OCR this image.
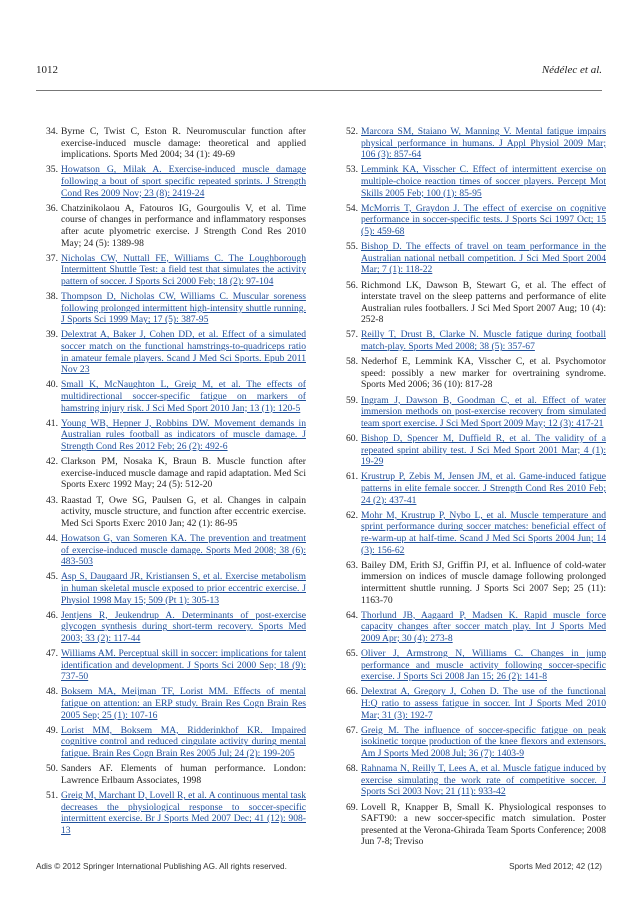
1012	Nédélec et al.
34. Byrne C, Twist C, Eston R. Neuromuscular function after exercise-induced muscle damage: theoretical and applied implications. Sports Med 2004; 34 (1): 49-69
35. Howatson G, Milak A. Exercise-induced muscle damage following a bout of sport specific repeated sprints. J Strength Cond Res 2009 Nov; 23 (8): 2419-24
36. Chatzinikolaou A, Fatouros IG, Gourgoulis V, et al. Time course of changes in performance and inflammatory responses after acute plyometric exercise. J Strength Cond Res 2010 May; 24 (5): 1389-98
37. Nicholas CW, Nuttall FE, Williams C. The Loughborough Intermittent Shuttle Test: a field test that simulates the activity pattern of soccer. J Sports Sci 2000 Feb; 18 (2): 97-104
38. Thompson D, Nicholas CW, Williams C. Muscular soreness following prolonged intermittent high-intensity shuttle running. J Sports Sci 1999 May; 17 (5): 387-95
39. Delextrat A, Baker J, Cohen DD, et al. Effect of a simulated soccer match on the functional hamstrings-to-quadriceps ratio in amateur female players. Scand J Med Sci Sports. Epub 2011 Nov 23
40. Small K, McNaughton L, Greig M, et al. The effects of multidirectional soccer-specific fatigue on markers of hamstring injury risk. J Sci Med Sport 2010 Jan; 13 (1): 120-5
41. Young WB, Hepner J, Robbins DW. Movement demands in Australian rules football as indicators of muscle damage. J Strength Cond Res 2012 Feb; 26 (2): 492-6
42. Clarkson PM, Nosaka K, Braun B. Muscle function after exercise-induced muscle damage and rapid adaptation. Med Sci Sports Exerc 1992 May; 24 (5): 512-20
43. Raastad T, Owe SG, Paulsen G, et al. Changes in calpain activity, muscle structure, and function after eccentric exercise. Med Sci Sports Exerc 2010 Jan; 42 (1): 86-95
44. Howatson G, van Someren KA. The prevention and treatment of exercise-induced muscle damage. Sports Med 2008; 38 (6): 483-503
45. Asp S, Daugaard JR, Kristiansen S, et al. Exercise metabolism in human skeletal muscle exposed to prior eccentric exercise. J Physiol 1998 May 15; 509 (Pt 1): 305-13
46. Jentjens R, Jeukendrup A. Determinants of post-exercise glycogen synthesis during short-term recovery. Sports Med 2003; 33 (2): 117-44
47. Williams AM. Perceptual skill in soccer: implications for talent identification and development. J Sports Sci 2000 Sep; 18 (9): 737-50
48. Boksem MA, Meijman TF, Lorist MM. Effects of mental fatigue on attention: an ERP study. Brain Res Cogn Brain Res 2005 Sep; 25 (1): 107-16
49. Lorist MM, Boksem MA, Ridderinkhof KR. Impaired cognitive control and reduced cingulate activity during mental fatigue. Brain Res Cogn Brain Res 2005 Jul; 24 (2): 199-205
50. Sanders AF. Elements of human performance. London: Lawrence Erlbaum Associates, 1998
51. Greig M, Marchant D, Lovell R, et al. A continuous mental task decreases the physiological response to soccer-specific intermittent exercise. Br J Sports Med 2007 Dec; 41 (12): 908-13
52. Marcora SM, Staiano W, Manning V. Mental fatigue impairs physical performance in humans. J Appl Physiol 2009 Mar; 106 (3): 857-64
53. Lemmink KA, Visscher C. Effect of intermittent exercise on multiple-choice reaction times of soccer players. Percept Mot Skills 2005 Feb; 100 (1): 85-95
54. McMorris T, Graydon J. The effect of exercise on cognitive performance in soccer-specific tests. J Sports Sci 1997 Oct; 15 (5): 459-68
55. Bishop D. The effects of travel on team performance in the Australian national netball competition. J Sci Med Sport 2004 Mar; 7 (1): 118-22
56. Richmond LK, Dawson B, Stewart G, et al. The effect of interstate travel on the sleep patterns and performance of elite Australian rules footballers. J Sci Med Sport 2007 Aug; 10 (4): 252-8
57. Reilly T, Drust B, Clarke N. Muscle fatigue during football match-play. Sports Med 2008; 38 (5): 357-67
58. Nederhof E, Lemmink KA, Visscher C, et al. Psychomotor speed: possibly a new marker for overtraining syndrome. Sports Med 2006; 36 (10): 817-28
59. Ingram J, Dawson B, Goodman C, et al. Effect of water immersion methods on post-exercise recovery from simulated team sport exercise. J Sci Med Sport 2009 May; 12 (3): 417-21
60. Bishop D, Spencer M, Duffield R, et al. The validity of a repeated sprint ability test. J Sci Med Sport 2001 Mar; 4 (1): 19-29
61. Krustrup P, Zebis M, Jensen JM, et al. Game-induced fatigue patterns in elite female soccer. J Strength Cond Res 2010 Feb; 24 (2): 437-41
62. Mohr M, Krustrup P, Nybo L, et al. Muscle temperature and sprint performance during soccer matches: beneficial effect of re-warm-up at half-time. Scand J Med Sci Sports 2004 Jun; 14 (3): 156-62
63. Bailey DM, Erith SJ, Griffin PJ, et al. Influence of cold-water immersion on indices of muscle damage following prolonged intermittent shuttle running. J Sports Sci 2007 Sep; 25 (11): 1163-70
64. Thorlund JB, Aagaard P, Madsen K. Rapid muscle force capacity changes after soccer match play. Int J Sports Med 2009 Apr; 30 (4): 273-8
65. Oliver J, Armstrong N, Williams C. Changes in jump performance and muscle activity following soccer-specific exercise. J Sports Sci 2008 Jan 15; 26 (2): 141-8
66. Delextrat A, Gregory J, Cohen D. The use of the functional H:Q ratio to assess fatigue in soccer. Int J Sports Med 2010 Mar; 31 (3): 192-7
67. Greig M. The influence of soccer-specific fatigue on peak isokinetic torque production of the knee flexors and extensors. Am J Sports Med 2008 Jul; 36 (7): 1403-9
68. Rahnama N, Reilly T, Lees A, et al. Muscle fatigue induced by exercise simulating the work rate of competitive soccer. J Sports Sci 2003 Nov; 21 (11): 933-42
69. Lovell R, Knapper B, Small K. Physiological responses to SAFT90: a new soccer-specific match simulation. Poster presented at the Verona-Ghirada Team Sports Conference; 2008 Jun 7-8; Treviso
Adis © 2012 Springer International Publishing AG. All rights reserved.	Sports Med 2012; 42 (12)
